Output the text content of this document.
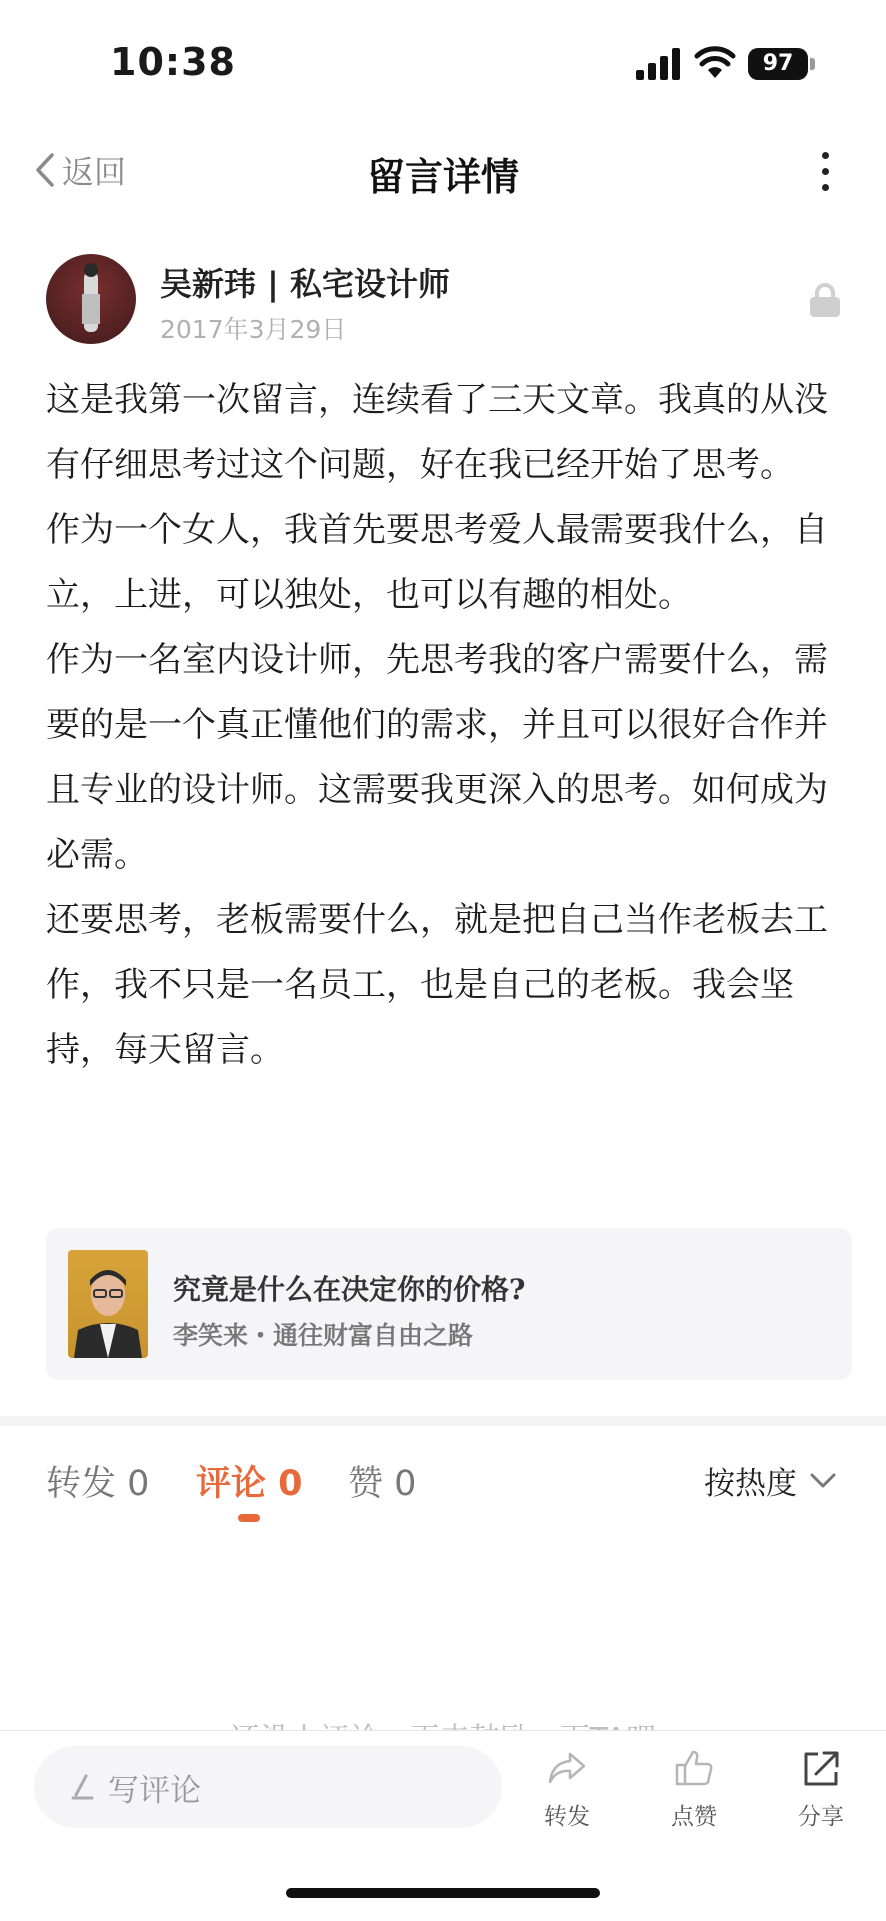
10:38	97
返回	留言详情
吴新玮 | 私宅设计师
2017年3月29日

这是我第一次留言，连续看了三天文章。我真的从没有仔细思考过这个问题，好在我已经开始了思考。

作为一个女人，我首先要思考爱人最需要我什么，自立，上进，可以独处，也可以有趣的相处。

作为一名室内设计师，先思考我的客户需要什么，需要的是一个真正懂他们的需求，并且可以很好合作并且专业的设计师。这需要我更深入的思考。如何成为必需。

还要思考，老板需要什么，就是把自己当作老板去工作，我不只是一名员工，也是自己的老板。我会坚持，每天留言。

究竟是什么在决定你的价格?
李笑来・通往财富自由之路
转发 0 评论 0 赞 0	按热度
写评论
转发	点赞	分享
